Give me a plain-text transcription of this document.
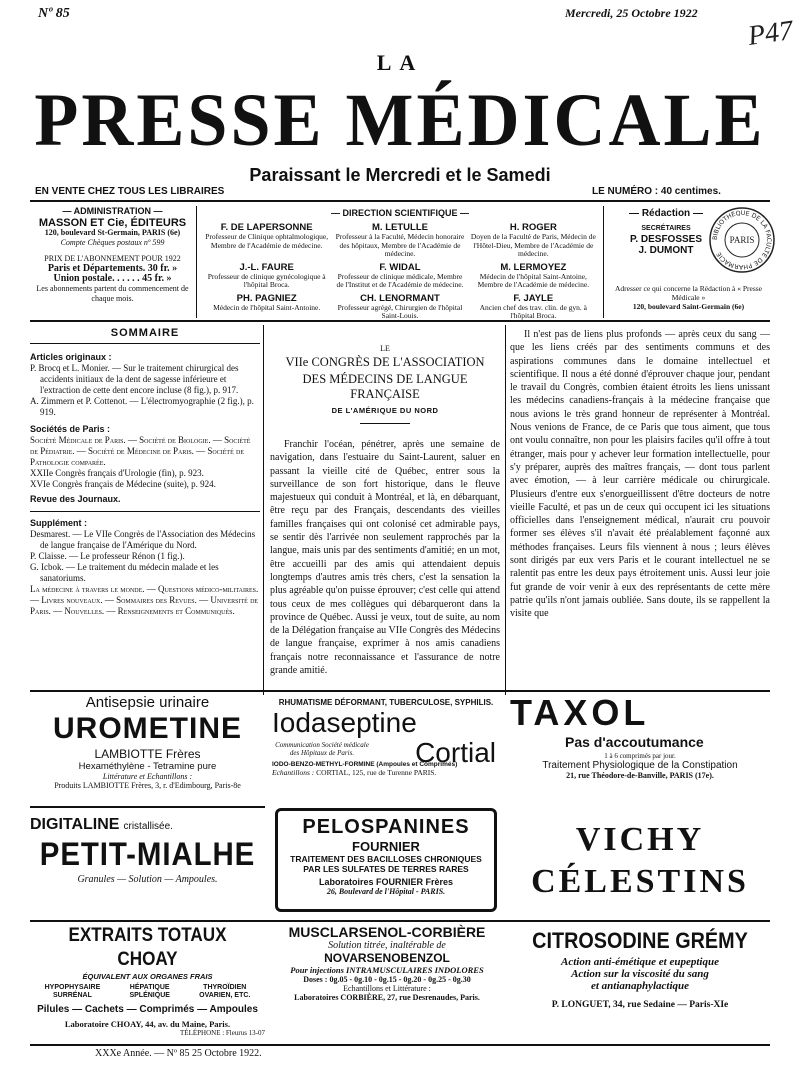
Nº 85	Mercredi, 25 Octobre 1922
P47
LA
PRESSE MÉDICALE
Paraissant le Mercredi et le Samedi
EN VENTE CHEZ TOUS LES LIBRAIRES	LE NUMÉRO : 40 centimes.
— ADMINISTRATION —
MASSON ET Cie, ÉDITEURS
120, boulevard St-Germain, PARIS (6e)
Compte Chèques postaux nº 599
PRIX DE L'ABONNEMENT POUR 1922
Paris et Départements. 30 fr. »
Union postale. . . . . . 45 fr. »
Les abonnements partent du commencement de chaque mois.
— DIRECTION SCIENTIFIQUE —
F. DE LAPERSONNE
Professeur de Clinique ophtalmologique, Membre de l'Académie de médecine.
M. LETULLE
Professeur à la Faculté, Médecin honoraire des hôpitaux, Membre de l'Académie de médecine.
H. ROGER
Doyen de la Faculté de Paris, Médecin de l'Hôtel-Dieu, Membre de l'Académie de médecine.
J.-L. FAURE
Professeur de clinique gynécologique à l'hôpital Broca.
F. WIDAL
Professeur de clinique médicale, Membre de l'Institut et de l'Académie de médecine.
M. LERMOYEZ
Médecin de l'hôpital Saint-Antoine, Membre de l'Académie de médecine.
PH. PAGNIEZ
Médecin de l'hôpital Saint-Antoine.
CH. LENORMANT
Professeur agrégé, Chirurgien de l'hôpital Saint-Louis.
F. JAYLE
Ancien chef des trav. clin. de gyn. à l'hôpital Broca.
— Rédaction —
SECRÉTAIRES
P. DESFOSSES
J. DUMONT
Adresser ce qui concerne la Rédaction à « Presse Médicale »
120, boulevard Saint-Germain (6e)
BIBLIOTHÈQUE DE LA FACULTÉ DE PHARMACIE
PARIS
SOMMAIRE
Articles originaux :

P. Brocq et L. Monier. — Sur le traitement chirurgical des accidents initiaux de la dent de sagesse inférieure et l'extraction de cette dent encore incluse (8 fig.), p. 917.

A. Zimmern et P. Cottenot. — L'électromyographie (2 fig.), p. 919.

Sociétés de Paris :

Société Médicale de Paris. — Société de Biologie. — Société de Pédiatrie. — Société de Médecine de Paris. — Société de Pathologie comparée.

XXIIe Congrès français d'Urologie (fin), p. 923.

XVIe Congrès français de Médecine (suite), p. 924.

Revue des Journaux.
Supplément :

Desmarest. — Le VIIe Congrès de l'Association des Médecins de langue française de l'Amérique du Nord.

P. Claisse. — Le professeur Rénon (1 fig.).

G. Icbok. — Le traitement du médecin malade et les sanatoriums.

La médecine à travers le monde. — Questions médico-militaires. — Livres nouveaux. — Sommaires des Revues. — Université de Paris. — Nouvelles. — Renseignements et Communiqués.

LE
VIIe CONGRÈS DE L'ASSOCIATION
DES MÉDECINS DE LANGUE FRANÇAISE
DE L'AMÉRIQUE DU NORD

Franchir l'océan, pénétrer, après une semaine de navigation, dans l'estuaire du Saint-Laurent, saluer en passant la vieille cité de Québec, entrer sous la surveillance de son fort historique, dans le fleuve majestueux qui conduit à Montréal, et là, en débarquant, être reçu par des Français, descendants des vieilles familles françaises qui ont colonisé cet admirable pays, se sentir dès l'arrivée non seulement rapprochés par la langue, mais unis par des sentiments d'amitié; en un mot, être accueilli par des amis qui attendaient depuis longtemps d'autres amis très chers, c'est la sensation la plus agréable qu'on puisse éprouver; c'est celle qui attend tous ceux de mes collègues qui débarqueront dans la province de Québec. Aussi je veux, tout de suite, au nom de la Délégation française au VIIe Congrès des Médecins de langue française, exprimer à nos amis canadiens français notre reconnaissance et l'assurance de notre grande amitié.

Il n'est pas de liens plus profonds — après ceux du sang — que les liens créés par des sentiments communs et des aspirations communes dans le domaine intellectuel et scientifique. Il nous a été donné d'éprouver chaque jour, pendant le travail du Congrès, combien étaient étroits les liens unissant les médecins canadiens-français à la médecine française que nous avions le très grand honneur de représenter à Montréal. Nous venions de France, de ce Paris que tous aiment, que tous ont voulu connaître, non pour les plaisirs faciles qu'il offre à tout étranger, mais pour y achever leur formation intellectuelle, pour s'y préparer, auprès des maîtres français, — dont tous parlent avec émotion, — à leur carrière médicale ou chirurgicale. Plusieurs d'entre eux s'enorgueillissent d'être docteurs de notre vieille Faculté, et pas un de ceux qui occupent ici les situations officielles dans l'enseignement médical, n'aurait cru pouvoir former ses élèves s'il n'avait été préalablement façonné aux méthodes françaises. Leurs fils viennent à nous ; leurs élèves sont dirigés par eux vers Paris et le courant intellectuel ne se ralentit pas entre les deux pays étroitement unis. Aussi leur joie fut grande de voir venir à eux des représentants de cette mère patrie qu'ils n'ont jamais oubliée. Sans doute, ils se rappellent la visite que

Antisepsie urinaire
UROMETINE
LAMBIOTTE Frères
Hexaméthylène - Tetramine pure
Littérature et Echantillons :
Produits LAMBIOTTE Frères, 3, r. d'Edimbourg, Paris-8e
RHUMATISME DÉFORMANT, TUBERCULOSE, SYPHILIS.
Iodaseptine
Cortial
Communication Société médicale des Hôpitaux de Paris.
IODO-BENZO-METHYL-FORMINE (Ampoules et Comprimés)
Echantillons : CORTIAL, 125, rue de Turenne PARIS.
TAXOL
Pas d'accoutumance
1 à 6 comprimés par jour.
Traitement Physiologique de la Constipation
21, rue Théodore-de-Banville, PARIS (17e).
DIGITALINE cristallisée.
PETIT-MIALHE
Granules — Solution — Ampoules.
PELOSPANINES
FOURNIER
TRAITEMENT DES BACILLOSES CHRONIQUES
PAR LES SULFATES DE TERRES RARES
Laboratoires FOURNIER Frères
26, Boulevard de l'Hôpital - PARIS.
VICHY
CÉLESTINS
EXTRAITS TOTAUX CHOAY
ÉQUIVALENT AUX ORGANES FRAIS
HYPOPHYSAIRE
SURRÉNAL
HÉPATIQUE
SPLÉNIQUE
THYROÏDIEN
OVARIEN, ETC.
Pilules — Cachets — Comprimés — Ampoules
Laboratoire CHOAY, 44, av. du Maine, Paris.
TÉLÉPHONE : Fleurus 13-07
MUSCLARSENOL-CORBIÈRE
Solution titrée, inaltérable de
NOVARSENOBENZOL
Pour injections INTRAMUSCULAIRES INDOLORES
Doses : 0g.05 - 0g.10 - 0g.15 - 0g.20 - 0g.25 - 0g.30
Echantillons et Littérature :
Laboratoires CORBIÈRE, 27, rue Desrenaudes, Paris.
CITROSODINE GRÉMY
Action anti-émétique et eupeptique
Action sur la viscosité du sang
et antianaphylactique
P. LONGUET, 34, rue Sedaine — Paris-XIe
XXXe Année. — Nº 85 25 Octobre 1922.
